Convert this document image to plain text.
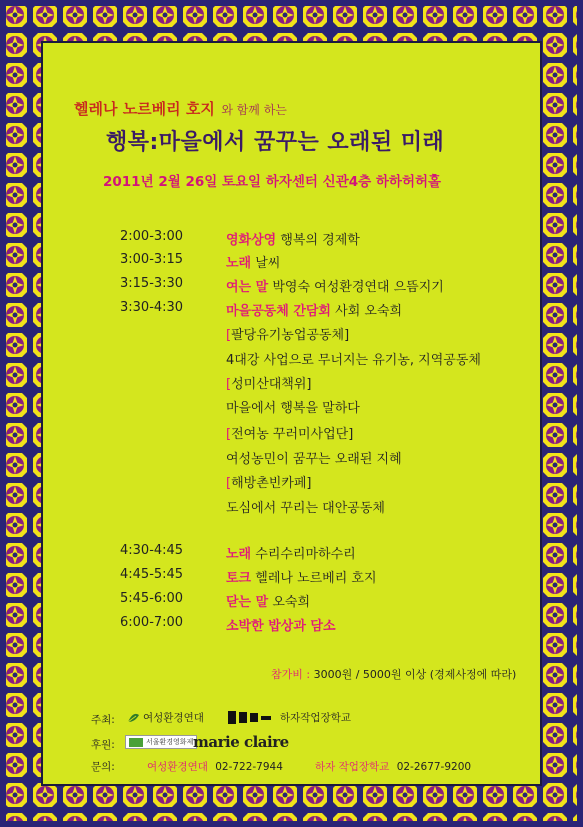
헬레나 노르베리 호지 와 함께 하는
행복:마을에서 꿈꾸는 오래된 미래
2011년 2월 26일 토요일 하자센터 신관4층 하하허허홀
2:00-3:00	영화상영 행복의 경제학
3:00-3:15	노래 날씨
3:15-3:30	여는 말 박영숙 여성환경연대 으뜸지기
3:30-4:30	마을공동체 간담회 사회 오숙희
[팔당유기농업공동체]
4대강 사업으로 무너지는 유기농, 지역공동체
[성미산대책위]
마을에서 행복을 말하다
[전여농 꾸러미사업단]
여성농민이 꿈꾸는 오래된 지혜
[해방촌빈카페]
도심에서 꾸리는 대안공동체
4:30-4:45	노래 수리수리마하수리
4:45-5:45	토크 헬레나 노르베리 호지
5:45-6:00	닫는 말 오숙희
6:00-7:00	소박한 밥상과 담소
참가비 : 3000원 / 5000원 이상 (경제사정에 따라)
주최:	여성환경연대	하자작업장학교
후원:	서울환경영화제 marie claire
문의:	여성환경연대 02-722-7944	하자 작업장학교 02-2677-9200
